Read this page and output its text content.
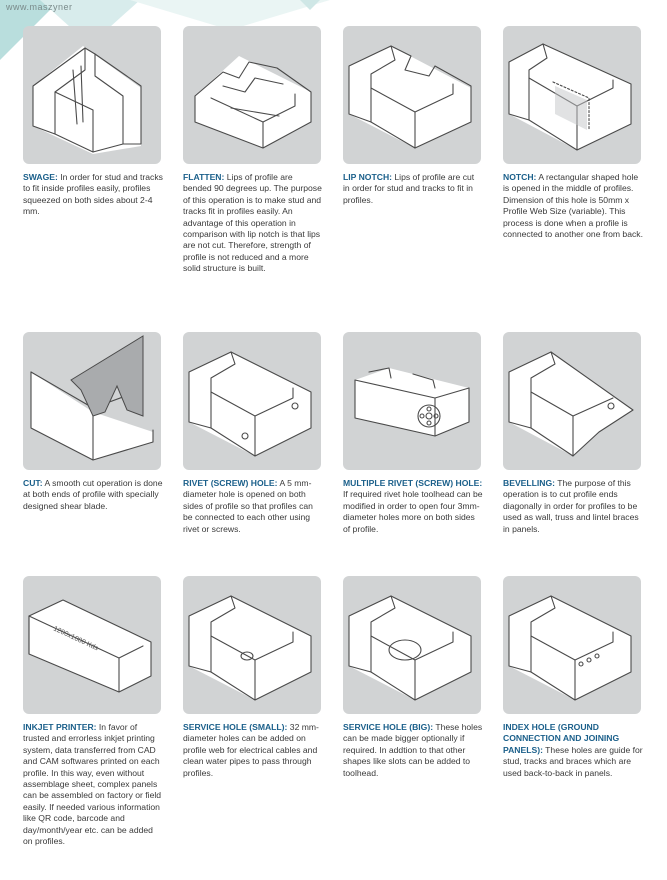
www.maszyner
SWAGE: In order for stud and tracks to fit inside profiles easily, profiles squeezed on both sides about 2-4 mm.
FLATTEN: Lips of profile are bended 90 degrees up. The purpose of this operation is to make stud and tracks fit in profiles easily. An advantage of this operation in comparison with lip notch is that lips are not cut. Therefore, strength of profile is not reduced and a more solid structure is built.
LIP NOTCH: Lips of profile are cut in order for stud and tracks to fit in profiles.
NOTCH: A rectangular shaped hole is opened in the middle of profiles. Dimension of this hole is 50mm x Profile Web Size (variable). This process is done when a profile is connected to another one from back.
CUT: A smooth cut operation is done at both ends of profile with specially designed shear blade.
RIVET (SCREW) HOLE: A 5 mm-diameter hole is opened on both sides of profile so that profiles can be connected to each other using rivet or screws.
MULTIPLE RIVET (SCREW) HOLE: If required rivet hole toolhead can be modified in order to open four 3mm-diameter holes more on both sides of profile.
BEVELLING: The purpose of this operation is to cut profile ends diagonally in order for profiles to be used as wall, truss and lintel braces in panels.
1200x1000 Kds
INKJET PRINTER: In favor of trusted and errorless inkjet printing system, data transferred from CAD and CAM softwares printed on each profile. In this way, even without assemblage sheet, complex panels can be assembled on factory or field easily. If needed various information like QR code, barcode and day/month/year etc. can be added on profiles.
SERVICE HOLE (SMALL): 32 mm-diameter holes can be added on profile web for electrical cables and clean water pipes to pass through profiles.
SERVICE HOLE (BIG): These holes can be made bigger optionally if required. In addtion to that other shapes like slots can be added to toolhead.
INDEX HOLE (GROUND CONNECTION AND JOINING PANELS): These holes are guide for stud, tracks and braces which are used back-to-back in panels.
